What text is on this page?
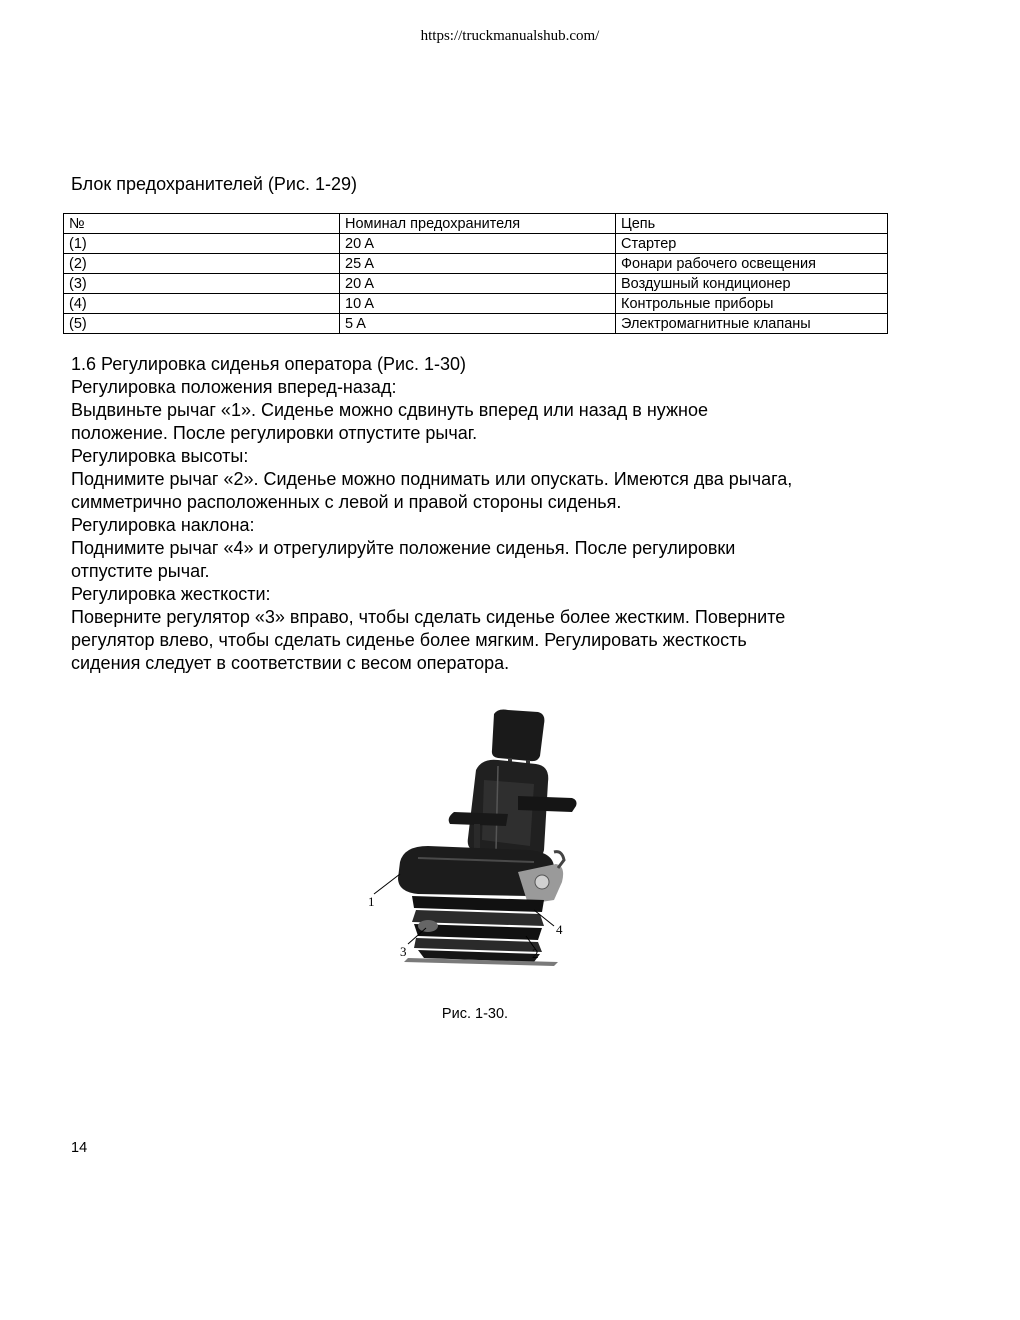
https://truckmanualshub.com/
Блок предохранителей (Рис. 1-29)
№	Номинал предохранителя	Цепь
(1)	20 A	Стартер
(2)	25 A	Фонари рабочего освещения
(3)	20 A	Воздушный кондиционер
(4)	10 A	Контрольные приборы
(5)	5 A	Электромагнитные клапаны

1.6 Регулировка сиденья оператора (Рис. 1-30)

Регулировка положения вперед-назад:

Выдвиньте рычаг «1». Сиденье можно сдвинуть вперед или назад в нужное

положение. После регулировки отпустите рычаг.

Регулировка высоты:

Поднимите рычаг «2». Сиденье можно поднимать или опускать. Имеются два рычага,

симметрично расположенных с левой и правой стороны сиденья.

Регулировка наклона:

Поднимите рычаг «4» и отрегулируйте положение сиденья. После регулировки

отпустите рычаг.

Регулировка жесткости:

Поверните регулятор «3» вправо, чтобы сделать сиденье более жестким. Поверните

регулятор влево, чтобы сделать сиденье более мягким. Регулировать жесткость

сидения следует в соответствии с весом оператора.

1
2
3
4
Рис. 1-30.
14
